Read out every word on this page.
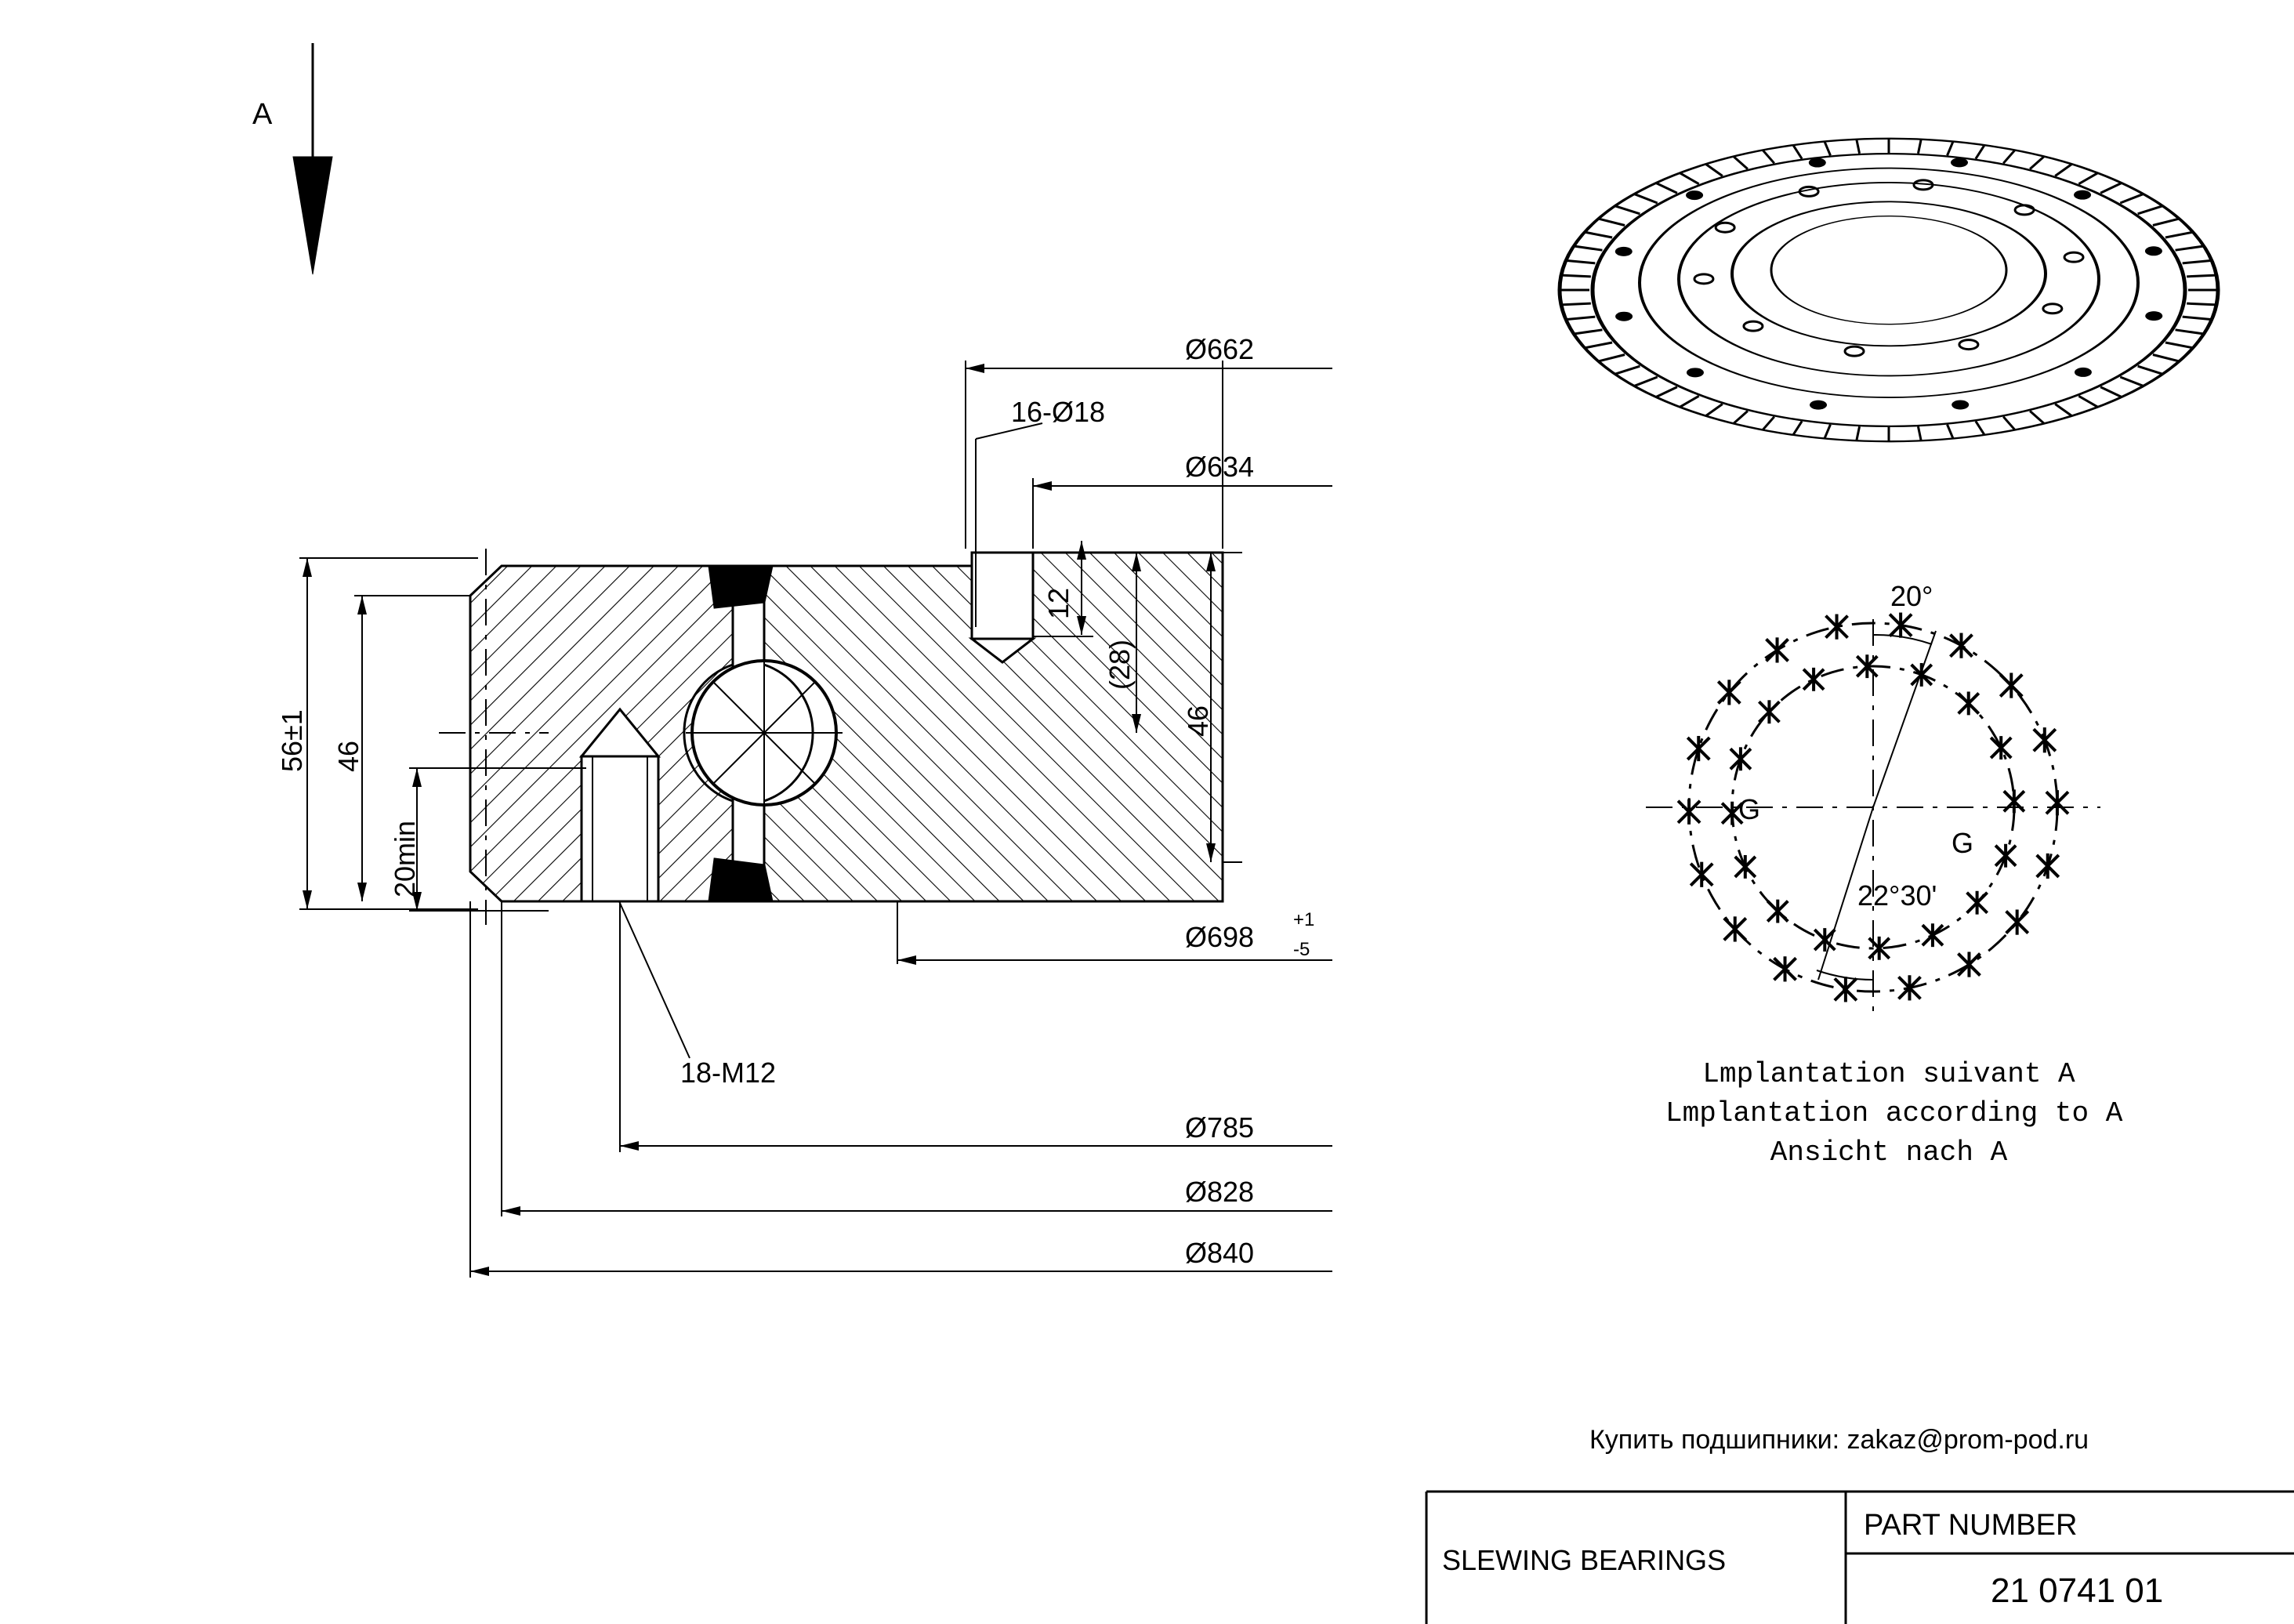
A
Ø662
16-Ø18
Ø634
12
(28)
46
56±1 46
20min
Ø698
+1
-5
18-M12
Ø785
Ø828
Ø840
20°
22°30'
G
G
Lmplantation suivant A
Lmplantation according to A
Ansicht nach A
Купить подшипники: zakaz@prom-pod.ru
SLEWING BEARINGS
PART NUMBER
21 0741 01
